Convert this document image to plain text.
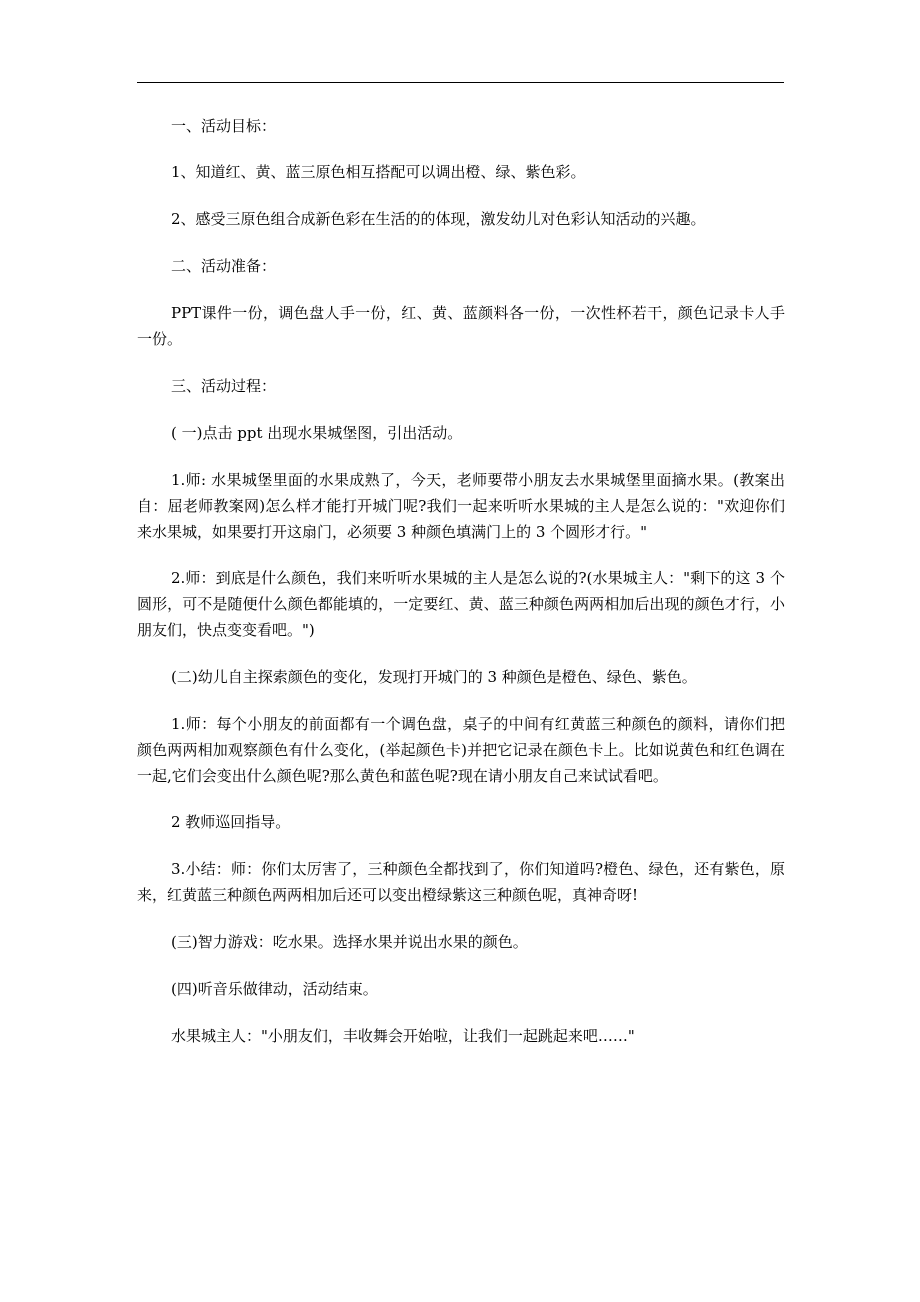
一、活动目标：
1、知道红、黄、蓝三原色相互搭配可以调出橙、绿、紫色彩。
2、感受三原色组合成新色彩在生活的的体现，激发幼儿对色彩认知活动的兴趣。
二、活动准备：
PPT课件一份，调色盘人手一份，红、黄、蓝颜料各一份，一次性杯若干，颜色记录卡人手一份。
三、活动过程：
( 一)点击 ppt 出现水果城堡图，引出活动。
1.师: 水果城堡里面的水果成熟了，今天，老师要带小朋友去水果城堡里面摘水果。(教案出自：屈老师教案网)怎么样才能打开城门呢?我们一起来听听水果城的主人是怎么说的："欢迎你们来水果城，如果要打开这扇门，必须要 3 种颜色填满门上的 3 个圆形才行。"
2.师：到底是什么颜色，我们来听听水果城的主人是怎么说的?(水果城主人："剩下的这 3 个圆形，可不是随便什么颜色都能填的，一定要红、黄、蓝三种颜色两两相加后出现的颜色才行，小朋友们，快点变变看吧。")
(二)幼儿自主探索颜色的变化，发现打开城门的 3 种颜色是橙色、绿色、紫色。
1.师：每个小朋友的前面都有一个调色盘，桌子的中间有红黄蓝三种颜色的颜料，请你们把颜色两两相加观察颜色有什么变化，(举起颜色卡)并把它记录在颜色卡上。比如说黄色和红色调在一起,它们会变出什么颜色呢?那么黄色和蓝色呢?现在请小朋友自己来试试看吧。
2 教师巡回指导。
3.小结：师：你们太厉害了，三种颜色全都找到了，你们知道吗?橙色、绿色，还有紫色，原来，红黄蓝三种颜色两两相加后还可以变出橙绿紫这三种颜色呢，真神奇呀!
(三)智力游戏：吃水果。选择水果并说出水果的颜色。
(四)听音乐做律动，活动结束。
水果城主人："小朋友们，丰收舞会开始啦，让我们一起跳起来吧……"
